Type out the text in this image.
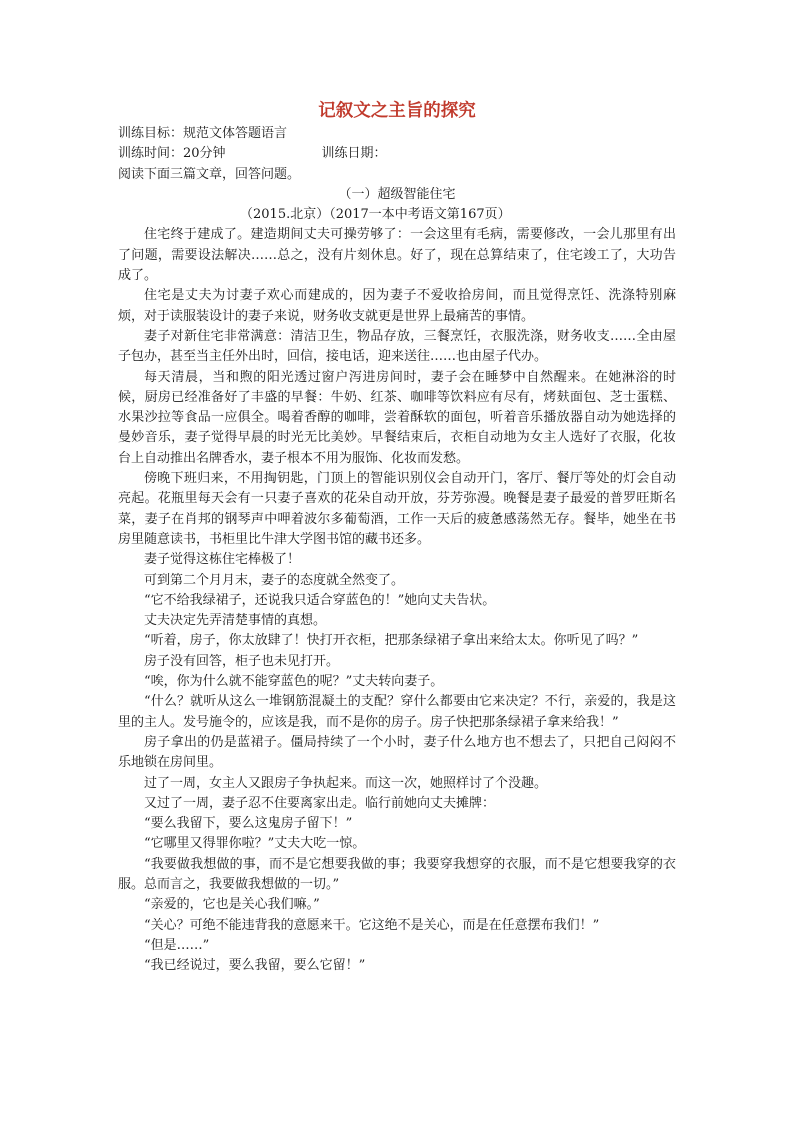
记叙文之主旨的探究
训练目标：规范文体答题语言
训练时间：20分钟	训练日期：
阅读下面三篇文章，回答问题。
（一）超级智能住宅
（2015.北京）（2017一本中考语文第167页）

住宅终于建成了。建造期间丈夫可操劳够了：一会这里有毛病，需要修改，一会儿那里有出了问题，需要设法解决……总之，没有片刻休息。好了，现在总算结束了，住宅竣工了，大功告成了。

住宅是丈夫为讨妻子欢心而建成的，因为妻子不爱收拾房间，而且觉得烹饪、洗涤特别麻烦，对于读服装设计的妻子来说，财务收支就更是世界上最痛苦的事情。

妻子对新住宅非常满意：清洁卫生，物品存放，三餐烹饪，衣服洗涤，财务收支……全由屋子包办，甚至当主任外出时，回信，接电话，迎来送往……也由屋子代办。

每天清晨，当和煦的阳光透过窗户泻进房间时，妻子会在睡梦中自然醒来。在她淋浴的时候，厨房已经准备好了丰盛的早餐：牛奶、红茶、咖啡等饮料应有尽有，烤麸面包、芝士蛋糕、水果沙拉等食品一应俱全。喝着香醇的咖啡，尝着酥软的面包，听着音乐播放器自动为她选择的曼妙音乐，妻子觉得早晨的时光无比美妙。早餐结束后，衣柜自动地为女主人选好了衣服，化妆台上自动推出名牌香水，妻子根本不用为服饰、化妆而发愁。

傍晚下班归来，不用掏钥匙，门顶上的智能识别仪会自动开门，客厅、餐厅等处的灯会自动亮起。花瓶里每天会有一只妻子喜欢的花朵自动开放，芬芳弥漫。晚餐是妻子最爱的普罗旺斯名菜，妻子在肖邦的钢琴声中呷着波尔多葡萄酒，工作一天后的疲惫感荡然无存。餐毕，她坐在书房里随意读书，书柜里比牛津大学图书馆的藏书还多。

妻子觉得这栋住宅棒极了！

可到第二个月月末，妻子的态度就全然变了。

“它不给我绿裙子，还说我只适合穿蓝色的！”她向丈夫告状。

丈夫决定先弄清楚事情的真想。

“听着，房子，你太放肆了！快打开衣柜，把那条绿裙子拿出来给太太。你听见了吗？”

房子没有回答，柜子也未见打开。

“唉，你为什么就不能穿蓝色的呢？”丈夫转向妻子。

“什么？就听从这么一堆钢筋混凝土的支配？穿什么都要由它来决定？不行，亲爱的，我是这里的主人。发号施令的，应该是我，而不是你的房子。房子快把那条绿裙子拿来给我！”

房子拿出的仍是蓝裙子。僵局持续了一个小时，妻子什么地方也不想去了，只把自己闷闷不乐地锁在房间里。

过了一周，女主人又跟房子争执起来。而这一次，她照样讨了个没趣。

又过了一周，妻子忍不住要离家出走。临行前她向丈夫摊牌：

“要么我留下，要么这鬼房子留下！”

“它哪里又得罪你啦？”丈夫大吃一惊。

“我要做我想做的事，而不是它想要我做的事；我要穿我想穿的衣服，而不是它想要我穿的衣服。总而言之，我要做我想做的一切。”

“亲爱的，它也是关心我们嘛。”

“关心？可绝不能违背我的意愿来干。它这绝不是关心，而是在任意摆布我们！”

“但是……”

“我已经说过，要么我留，要么它留！”
